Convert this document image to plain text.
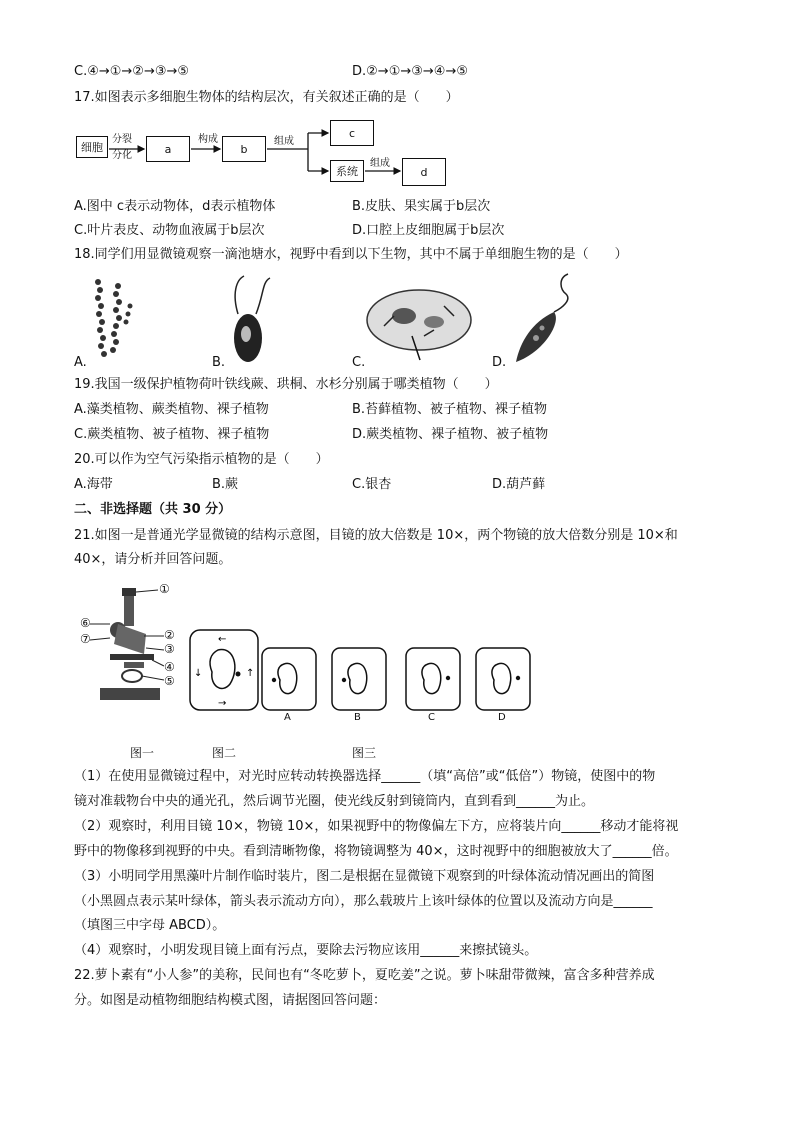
C.④→①→②→③→⑤	D.②→①→③→④→⑤
17.如图表示多细胞生物体的结构层次，有关叙述正确的是（　　）
细胞
分裂
分化	a
构成
b
组成
c
系统
组成
d
A.图中 c表示动物体，d表示植物体	B.皮肤、果实属于b层次
C.叶片表皮、动物血液属于b层次	D.口腔上皮细胞属于b层次
18.同学们用显微镜观察一滴池塘水，视野中看到以下生物，其中不属于单细胞生物的是（　　）
A.	B.	C.	D.
19.我国一级保护植物荷叶铁线蕨、珙桐、水杉分别属于哪类植物（　　）
A.藻类植物、蕨类植物、裸子植物	B.苔藓植物、被子植物、裸子植物
C.蕨类植物、被子植物、裸子植物	D.蕨类植物、裸子植物、被子植物
20.可以作为空气污染指示植物的是（　　）
A.海带	B.蕨	C.银杏	D.葫芦藓
二、非选择题（共 30 分）
21.如图一是普通光学显微镜的结构示意图，目镜的放大倍数是 10×，两个物镜的放大倍数分别是 10×和
40×，请分析并回答问题。
①
②
③
④
⑤
⑥
⑦	←
→
↓	↑
A	B	C	D
图一	图二	图三
（1）在使用显微镜过程中，对光时应转动转换器选择______（填“高倍”或“低倍”）物镜，使图中的物
镜对准载物台中央的通光孔，然后调节光圈，使光线反射到镜筒内，直到看到______为止。
（2）观察时，利用目镜 10×，物镜 10×，如果视野中的物像偏左下方，应将装片向______移动才能将视
野中的物像移到视野的中央。看到清晰物像，将物镜调整为 40×，这时视野中的细胞被放大了______倍。
（3）小明同学用黑藻叶片制作临时装片，图二是根据在显微镜下观察到的叶绿体流动情况画出的简图
（小黑圆点表示某叶绿体，箭头表示流动方向），那么载玻片上该叶绿体的位置以及流动方向是______
（填图三中字母 ABCD）。
（4）观察时，小明发现目镜上面有污点，要除去污物应该用______来擦拭镜头。
22.萝卜素有“小人参”的美称，民间也有“冬吃萝卜，夏吃姜”之说。萝卜味甜带微辣，富含多种营养成
分。如图是动植物细胞结构模式图，请据图回答问题：
